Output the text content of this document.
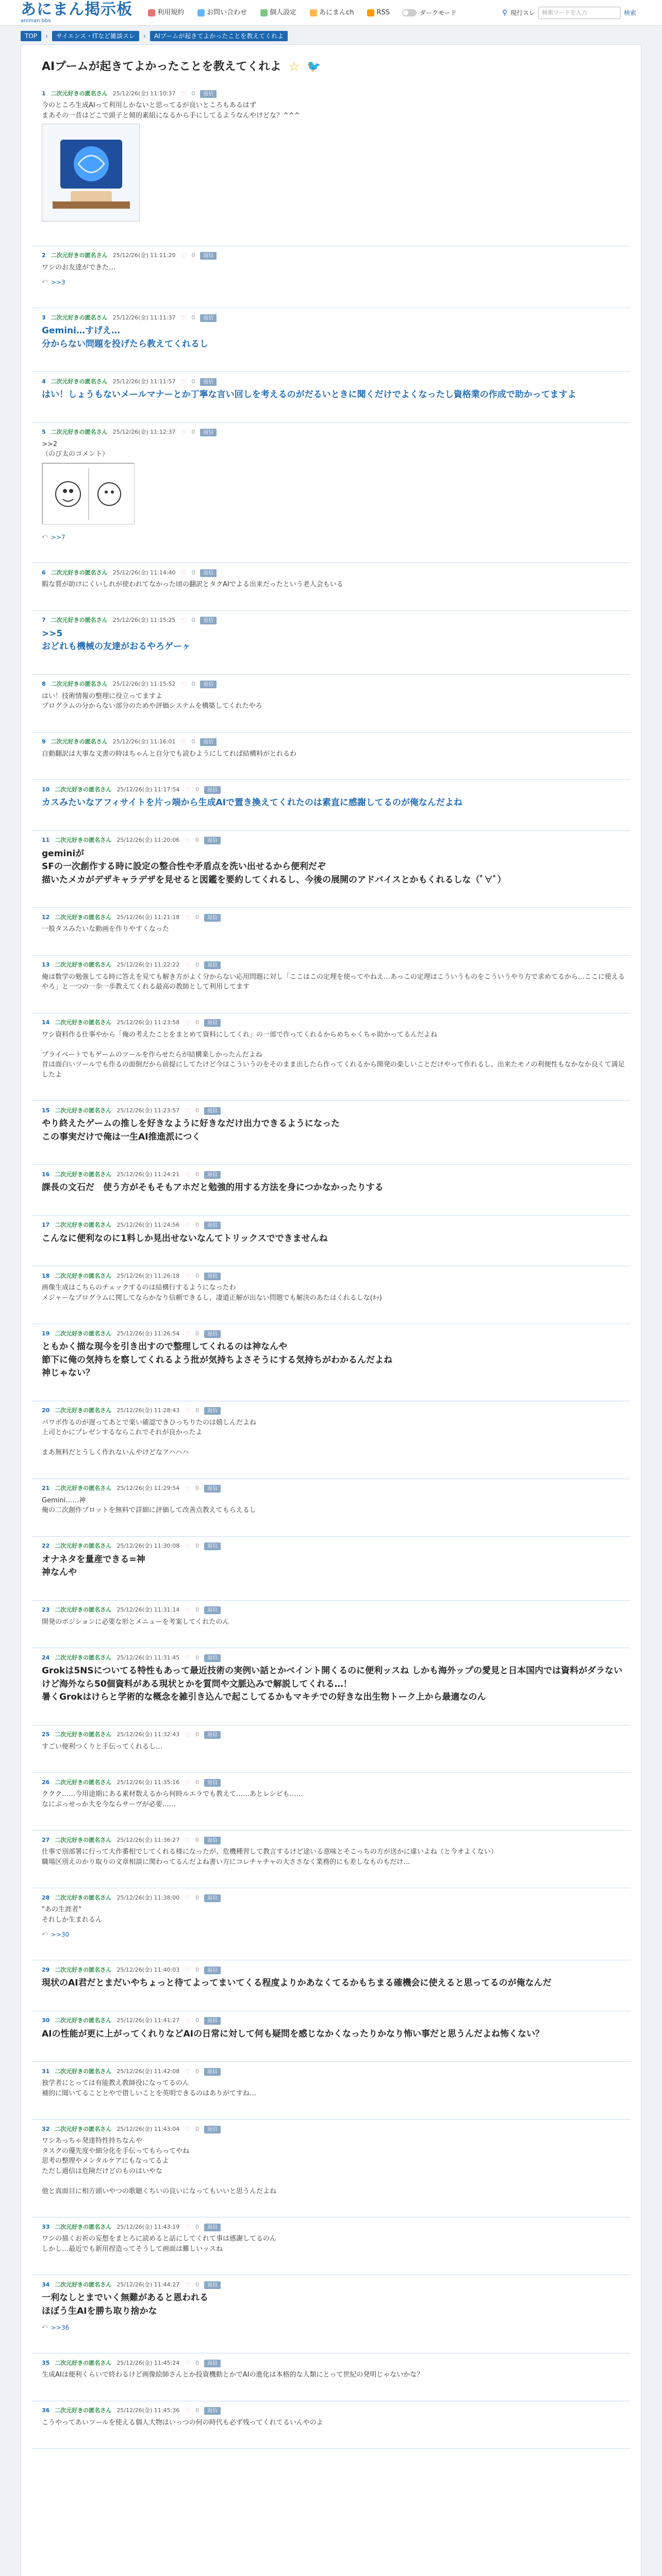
あにまん掲示板
animan bbs
利用規約	お問い合わせ	個人設定	あにまんch	RSS	ダークモード	⚲ 現行スレ	検索ワードを入力	検索
TOP	›	サイエンス・ITなど雑談スレ	›	AIブームが起きてよかったことを教えてくれよ
AIブームが起きてよかったことを教えてくれよ ☆ 🐦
1 二次元好きの匿名さん 25/12/26(金) 11:10:37 ♡ 0	返信
今のところ生成AIって利用しかないと思ってるが良いところもあるはず
まあその一昔はどこで頭子と傾的素組になるから手にしてるようなんやけどな？^^^
2 二次元好きの匿名さん 25/12/26(金) 11:11:20 ♡ 0	返信
ワシのお友達ができた…
⤺ >>3
3 二次元好きの匿名さん 25/12/26(金) 11:11:37 ♡ 0	返信
Gemini…すげえ…
分からない問題を投げたら教えてくれるし
4 二次元好きの匿名さん 25/12/26(金) 11:11:57 ♡ 0	返信
はい！しょうもないメールマナーとか丁寧な言い回しを考えるのがだるいときに聞くだけでよくなったし資格業の作成で助かってますよ
5 二次元好きの匿名さん 25/12/26(金) 11:12:37 ♡ 0	返信
>>2
（のび太のコメント）
⤺ >>7
6 二次元好きの匿名さん 25/12/26(金) 11:14:40 ♡ 0	返信
暇な質が助けにくいしれが使われてなかった頃の翻訳とタクAIでよる出来だったという老人会もいる
7 二次元好きの匿名さん 25/12/26(金) 11:15:25 ♡ 0	返信
>>5
おどれも機械の友達がおるやろゲーヶ
8 二次元好きの匿名さん 25/12/26(金) 11:15:52 ♡ 0	返信
はい！技術情報の整理に役立ってますよ
プログラムの分からない部分のためや評価システムを構築してくれたやろ
9 二次元好きの匿名さん 25/12/26(金) 11:16:01 ♡ 0	返信
自動翻訳は大事な文書の時はちゃんと自分でも読むようにしてれば結構料がとれるわ
10 二次元好きの匿名さん 25/12/26(金) 11:17:54 ♡ 0	返信
カスみたいなアフィサイトを片っ端から生成AIで置き換えてくれたのは素直に感謝してるのが俺なんだよね
11 二次元好きの匿名さん 25/12/26(金) 11:20:06 ♡ 0	返信
geminiが
SFの一次創作する時に設定の整合性や矛盾点を洗い出せるから便利だぞ
描いたメカがデザキャラデザを見せると図鑑を要約してくれるし、今後の展開のアドバイスとかもくれるしな（ﾟ∀ﾟ）
12 二次元好きの匿名さん 25/12/26(金) 11:21:18 ♡ 0	返信
一般タスみたいな動画を作りやすくなった
13 二次元好きの匿名さん 25/12/26(金) 11:22:22 ♡ 0	返信
俺は数学の勉強してる時に答えを見ても解き方がよく分からない応用問題に対し「ここはこの定理を使ってやねえ…あっこの定理はこういうものをこういうやり方で求めてるから…ここに使えるやろ」と一つの一歩一歩教えてくれる最高の教師として利用してます
14 二次元好きの匿名さん 25/12/26(金) 11:23:58 ♡ 0	返信
ワシ資料作る仕事やから「俺の考えたことをまとめて資料にしてくれ」の一部で作ってくれるからめちゃくちゃ助かってるんだよね

プライベートでもゲームのツールを作らせたらが結構楽しかったんだよね
昔は面白いツールでも作るの面倒だから前提にしてたけど今はこういうのをそのまま出したら作ってくれるから開発の楽しいことだけやって作れるし、出来たモノの利便性もなかなか良くて満足したよ
15 二次元好きの匿名さん 25/12/26(金) 11:23:57 ♡ 0	返信
やり終えたゲームの推しを好きなように好きなだけ出力できるようになった
この事実だけで俺は一生AI推進派につく
16 二次元好きの匿名さん 25/12/26(金) 11:24:21 ♡ 0	返信
課長の文石だ　使う方がそもそもアホだと勉強的用する方法を身につかなかったりする
17 二次元好きの匿名さん 25/12/26(金) 11:24:56 ♡ 0	返信
こんなに便利なのに1料しか見出せないなんてトリックスでできませんね
18 二次元好きの匿名さん 25/12/26(金) 11:26:18 ♡ 0	返信
画像生成はこちらのチェックするのは結構行するようになったわ
メジャーなプログラムに関してならかなり信頼できるし、凄道正解が出ない問題でも解決のあたはくれるしな(ﾈｯ)
19 二次元好きの匿名さん 25/12/26(金) 11:26:54 ♡ 0	返信
ともかく描な現今を引き出すので整理してくれるのは神なんや
節下に俺の気持ちを察してくれるよう批が気持ちよさそうにする気持ちがわかるんだよね
神じゃない？
20 二次元好きの匿名さん 25/12/26(金) 11:28:43 ♡ 0	返信
パワポ作るのが遅ってあとで楽い確認できひっちりたのは嬉しんだよね
上司とかにプレゼンするならこれでそれが良かったよ

まあ無料だとうしく作れないんやけどなアハハハ
21 二次元好きの匿名さん 25/12/26(金) 11:29:54 ♡ 0	返信
Gemini……神
俺の二次創作プロットを無料で詳細に評価して改善点教えてもらえるし
22 二次元好きの匿名さん 25/12/26(金) 11:30:08 ♡ 0	返信
オナネタを量産できる=神
神なんや
23 二次元好きの匿名さん 25/12/26(金) 11:31:14 ♡ 0	返信
開発のポジションに必要な形とメニューを考案してくれたのん
24 二次元好きの匿名さん 25/12/26(金) 11:31:45 ♡ 0	返信
Grokは5NSについてる特性もあって最近技術の実例い話とかベイント開くるのに便利ッスね しかも海外ップの愛見と日本国内では資料がダラないけど海外なら50個資料がある現状とかを質問や文脈込みで解説してくれる…！
暑くGrokはけらと学術的な概念を雑引き込んで起こしてるかもマキチでの好きな出生物トーク上から最適なのん
25 二次元好きの匿名さん 25/12/26(金) 11:32:43 ♡ 0	返信
すごい便利つくりと手伝ってくれるし…
26 二次元好きの匿名さん 25/12/26(金) 11:35:16 ♡ 0	返信
ククク……今用途期にある素材数えるから何時ルエラでも教えて……あとレシピも……
なにぶっせっか大を今ならサーヴが必要……
27 二次元好きの匿名さん 25/12/26(金) 11:36:27 ♡ 0	返信
仕事で別部署に行って大作番相でしてくれる様になったが、危機種習して教言するけど途いる意味とそこっちの方が送かに違いよね（と今オよくない）
職場区別えのかり取りの文章相談に関わってるんだよね書い方にコレチャチャの大ささなく業務的にも差しなものもだけ…
28 二次元好きの匿名さん 25/12/26(金) 11:38:00 ♡ 0	返信
"あの生涯者"
それしか生まれるん
⤺ >>30
29 二次元好きの匿名さん 25/12/26(金) 11:40:03 ♡ 0	返信
現状のAI君だとまだいやちょっと待てよってまいてくる程度よりかあなくてるかもちまる確機会に使えると思ってるのが俺なんだ
30 二次元好きの匿名さん 25/12/26(金) 11:41:27 ♡ 0	返信
AIの性能が更に上がってくれりなどAIの日常に対して何も疑問を感じなかくなったりかなり怖い事だと思うんだよね怖くない？
31 二次元好きの匿名さん 25/12/26(金) 11:42:08 ♡ 0	返信
独学者にとっては有能教え教師役になってるのん
補的に聞いてることとやで借しいことを英明できるのはありがてすね…
32 二次元好きの匿名さん 25/12/26(金) 11:43:04 ♡ 0	返信
ワシあっちゃ発達特性持ちなんや
タスクの優先度や細分化を手伝ってもらってやね
思考の整理やメンタルケアにもなってるよ
ただし過信は危険だけどのものはいやな

他と真面目に相方頭いやつの歌聴くちいの良いになってもいいと思うんだよね
33 二次元好きの匿名さん 25/12/26(金) 11:43:19 ♡ 0	返信
ワシの描くお祈の妄想をまとろに読めると話にしてくれて事は感謝してるのん
しかし…最近でも新用捏造ってそうして画面は難しいッスね
34 二次元好きの匿名さん 25/12/26(金) 11:44:27 ♡ 0	返信
一利なしとまでいく無難があると恩われる
ほぼう生AIを勝ち取り捨かな
⤺ >>36
35 二次元好きの匿名さん 25/12/26(金) 11:45:24 ♡ 0	返信
生成AIは便利くらいで終わるけど画像絵師さんとか投資機動とかでAIの進化は本格的な人類にとって世紀の発明じゃないかな？
36 二次元好きの匿名さん 25/12/26(金) 11:45:36 ♡ 0	返信
こうやってあいツールを使える個人大物はいっつの何の時代も必ず残ってくれてるいんやのよ
